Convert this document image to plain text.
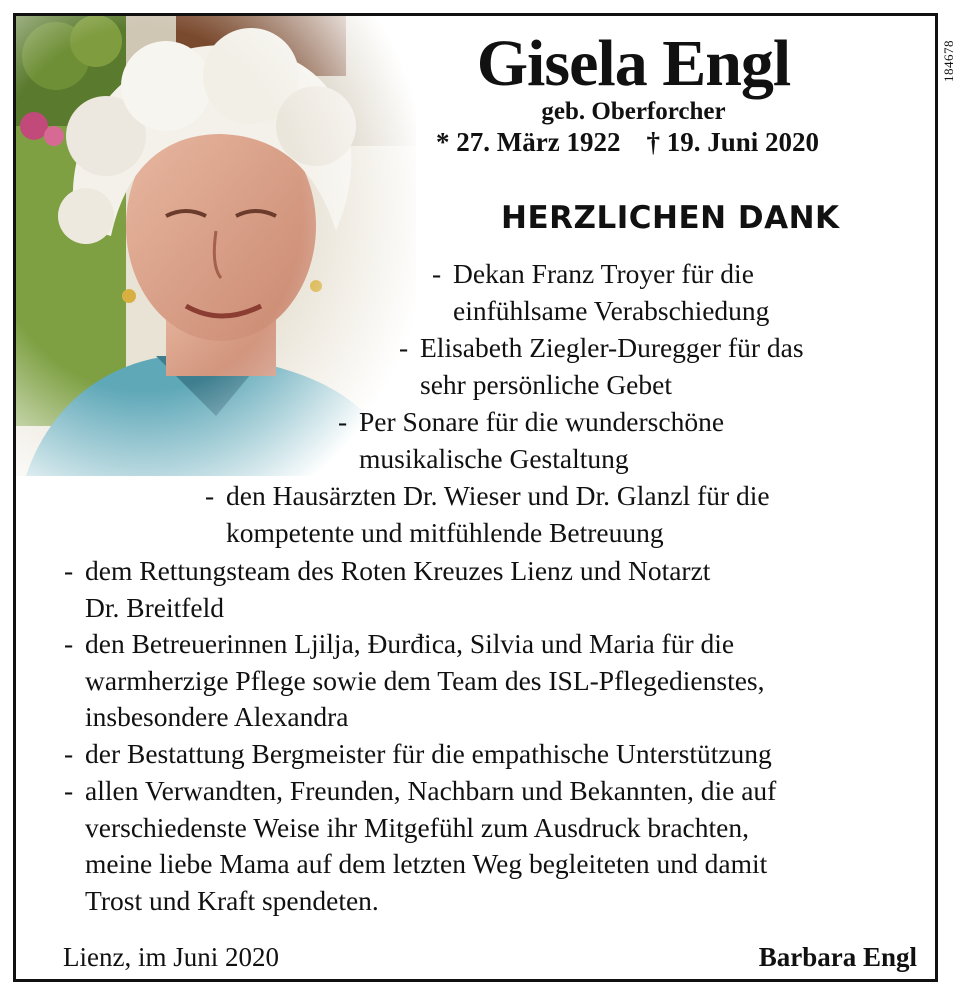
Gisela Engl
geb. Oberforcher
* 27. März 1922 † 19. Juni 2020
HERZLICHEN DANK
- Dekan Franz Troyer für die
einfühlsame Verabschiedung
- Elisabeth Ziegler-Duregger für das
sehr persönliche Gebet
- Per Sonare für die wunderschöne
musikalische Gestaltung
- den Hausärzten Dr. Wieser und Dr. Glanzl für die
kompetente und mitfühlende Betreuung
- dem Rettungsteam des Roten Kreuzes Lienz und Notarzt
Dr. Breitfeld
- den Betreuerinnen Ljilja, Đurđica, Silvia und Maria für die
warmherzige Pflege sowie dem Team des ISL-Pflegedienstes,
insbesondere Alexandra
- der Bestattung Bergmeister für die empathische Unterstützung
- allen Verwandten, Freunden, Nachbarn und Bekannten, die auf
verschiedenste Weise ihr Mitgefühl zum Ausdruck brachten,
meine liebe Mama auf dem letzten Weg begleiteten und damit
Trost und Kraft spendeten.
Lienz, im Juni 2020	Barbara Engl
184678
